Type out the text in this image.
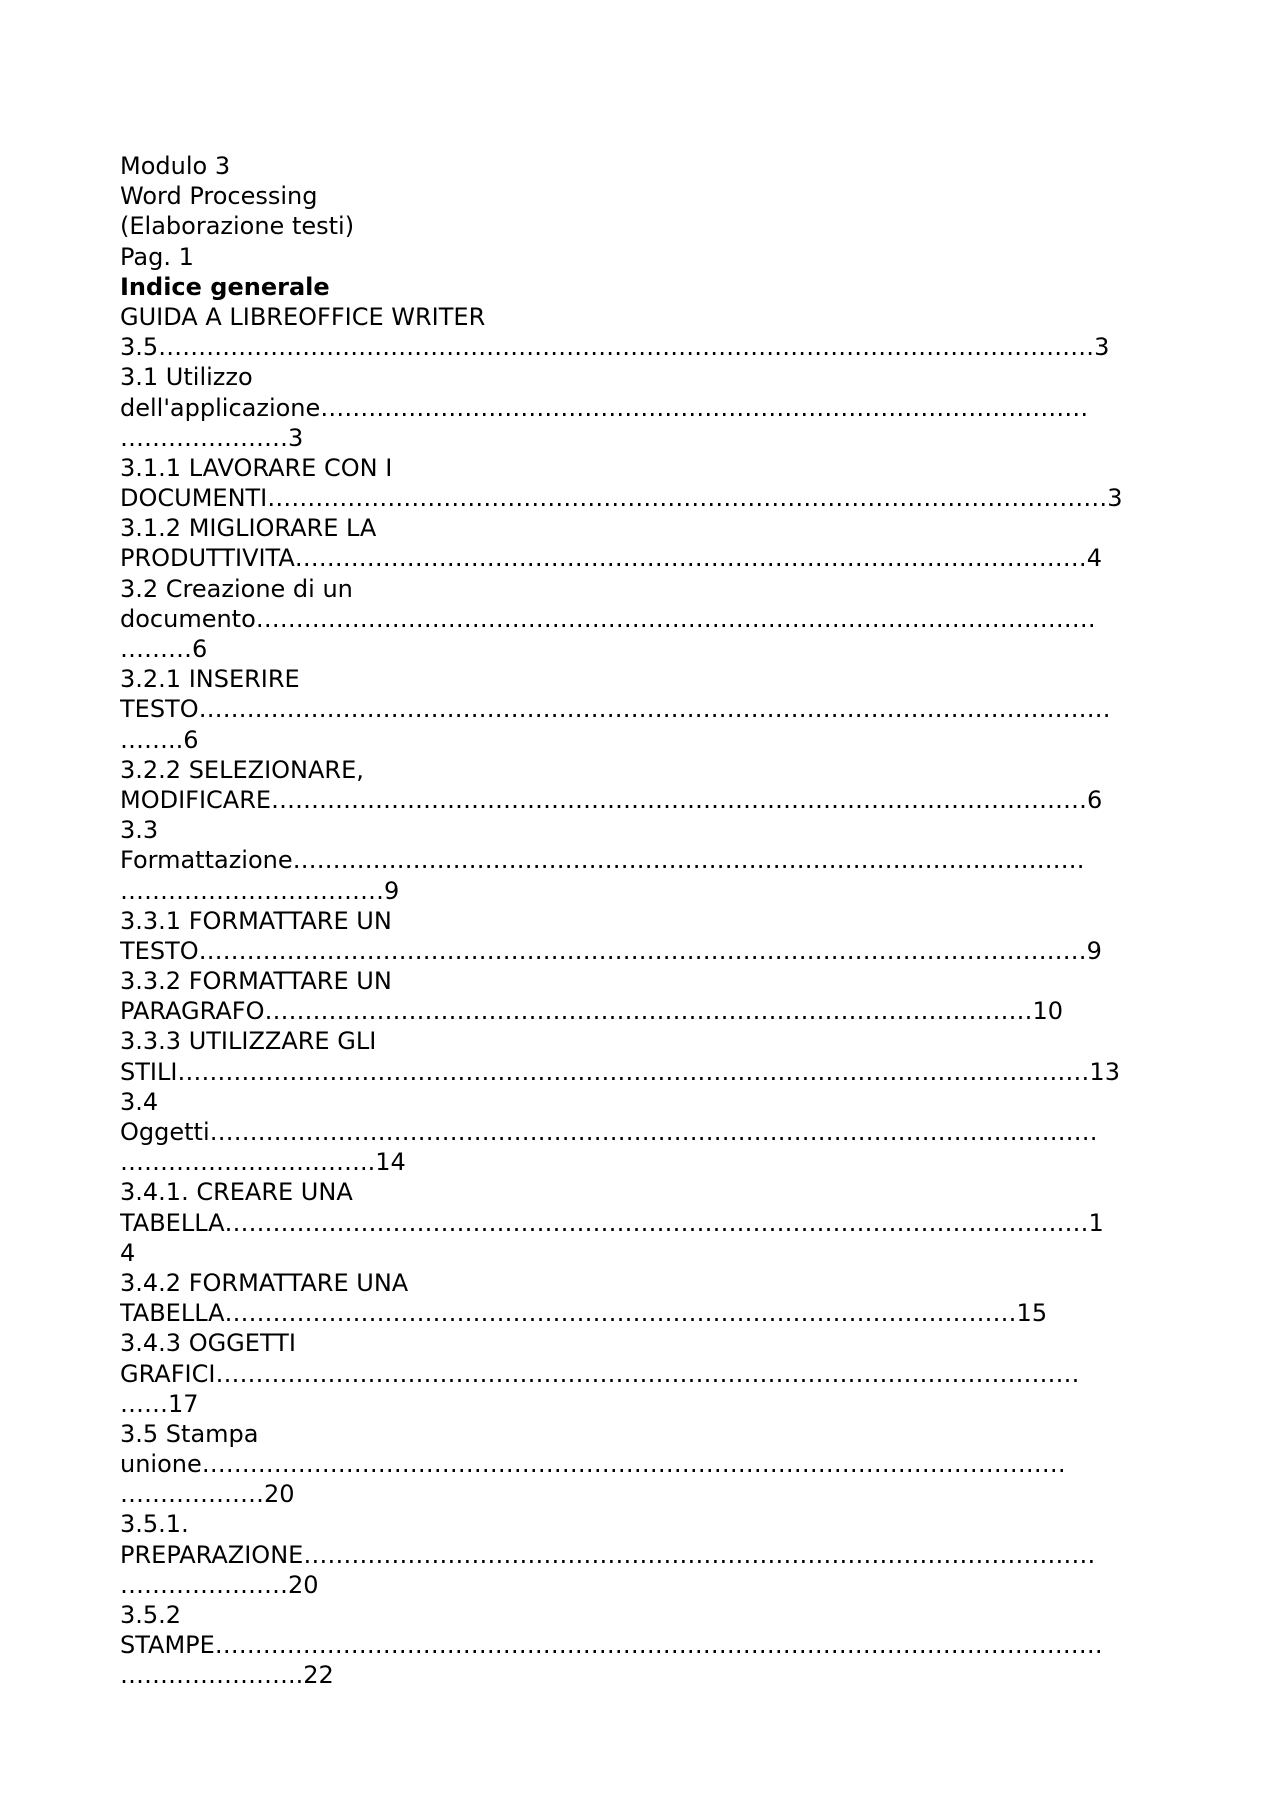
Modulo 3
Word Processing
(Elaborazione testi)
Pag. 1
Indice generale
GUIDA A LIBREOFFICE WRITER
3.5………………………………………………………………………………………………………3
3.1 Utilizzo
dell'applicazione……………………………………………………………………………………
…………………3
3.1.1 LAVORARE CON I
DOCUMENTI……………………………………………………………………………………………3
3.1.2 MIGLIORARE LA
PRODUTTIVITA………………………………………………………………………………………4
3.2 Creazione di un
documento……………………………………………………………………………………………
………6
3.2.1 INSERIRE
TESTO……………………………………………………………………………………………………
……..6
3.2.2 SELEZIONARE,
MODIFICARE…………………………………………………………………………………………6
3.3
Formattazione………………………………………………………………………………………
……………………………9
3.3.1 FORMATTARE UN
TESTO…………………………………………………………………………………………………9
3.3.2 FORMATTARE UN
PARAGRAFO……………………………………………………………………………………10
3.3.3 UTILIZZARE GLI
STILI……………………………………………………………………………………………………13
3.4
Oggetti…………………………………………………………………………………………………
…………………………..14
3.4.1. CREARE UNA
TABELLA………………………………………………………………………………………………1
4
3.4.2 FORMATTARE UNA
TABELLA………………………………………………………………………………………15
3.4.3 OGGETTI
GRAFICI………………………………………………………………………………………………
……17
3.5 Stampa
unione………………………………………………………………………………………………
………………20
3.5.1.
PREPARAZIONE………………………………………………………………………………………
…………………20
3.5.2
STAMPE…………………………………………………………………………………………………
…………………..22
